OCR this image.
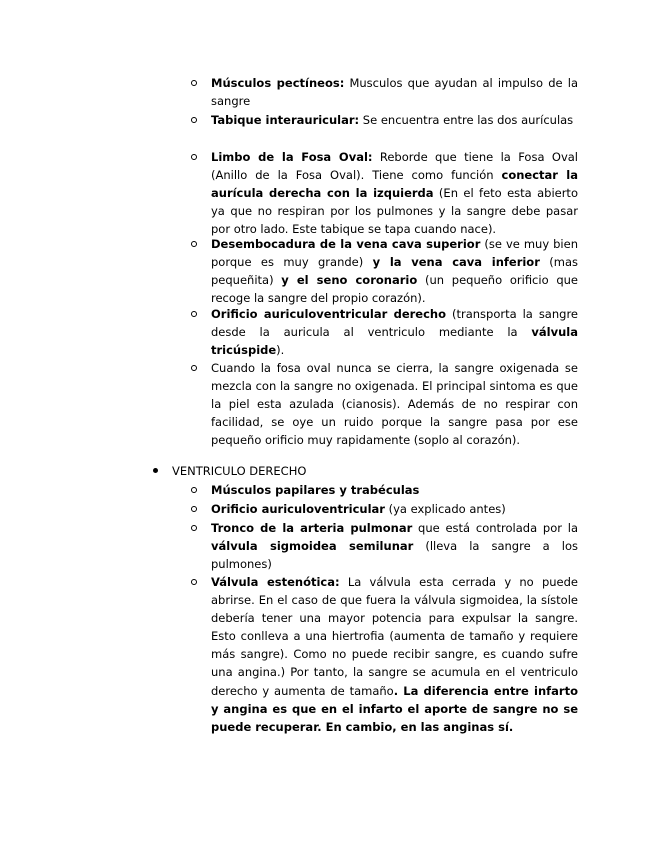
Músculos pectíneos: Musculos que ayudan al impulso de la sangre

Tabique interauricular: Se encuentra entre las dos aurículas

Limbo de la Fosa Oval: Reborde que tiene la Fosa Oval (Anillo de la Fosa Oval). Tiene como función conectar la aurícula derecha con la izquierda (En el feto esta abierto ya que no respiran por los pulmones y la sangre debe pasar por otro lado. Este tabique se tapa cuando nace).

Desembocadura de la vena cava superior (se ve muy bien porque es muy grande) y la vena cava inferior (mas pequeñita) y el seno coronario (un pequeño orificio que recoge la sangre del propio corazón).

Orificio auriculoventricular derecho (transporta la sangre desde la auricula al ventriculo mediante la válvula tricúspide).

Cuando la fosa oval nunca se cierra, la sangre oxigenada se mezcla con la sangre no oxigenada. El principal sintoma es que la piel esta azulada (cianosis). Además de no respirar con facilidad, se oye un ruido porque la sangre pasa por ese pequeño orificio muy rapidamente (soplo al corazón).

VENTRICULO DERECHO

Músculos papilares y trabéculas

Orificio auriculoventricular (ya explicado antes)

Tronco de la arteria pulmonar que está controlada por la válvula sigmoidea semilunar (lleva la sangre a los pulmones)

Válvula estenótica: La válvula esta cerrada y no puede abrirse. En el caso de que fuera la válvula sigmoidea, la sístole debería tener una mayor potencia para expulsar la sangre. Esto conlleva a una hiertrofia (aumenta de tamaño y requiere más sangre). Como no puede recibir sangre, es cuando sufre una angina.) Por tanto, la sangre se acumula en el ventriculo derecho y aumenta de tamaño. La diferencia entre infarto y angina es que en el infarto el aporte de sangre no se puede recuperar. En cambio, en las anginas sí.
